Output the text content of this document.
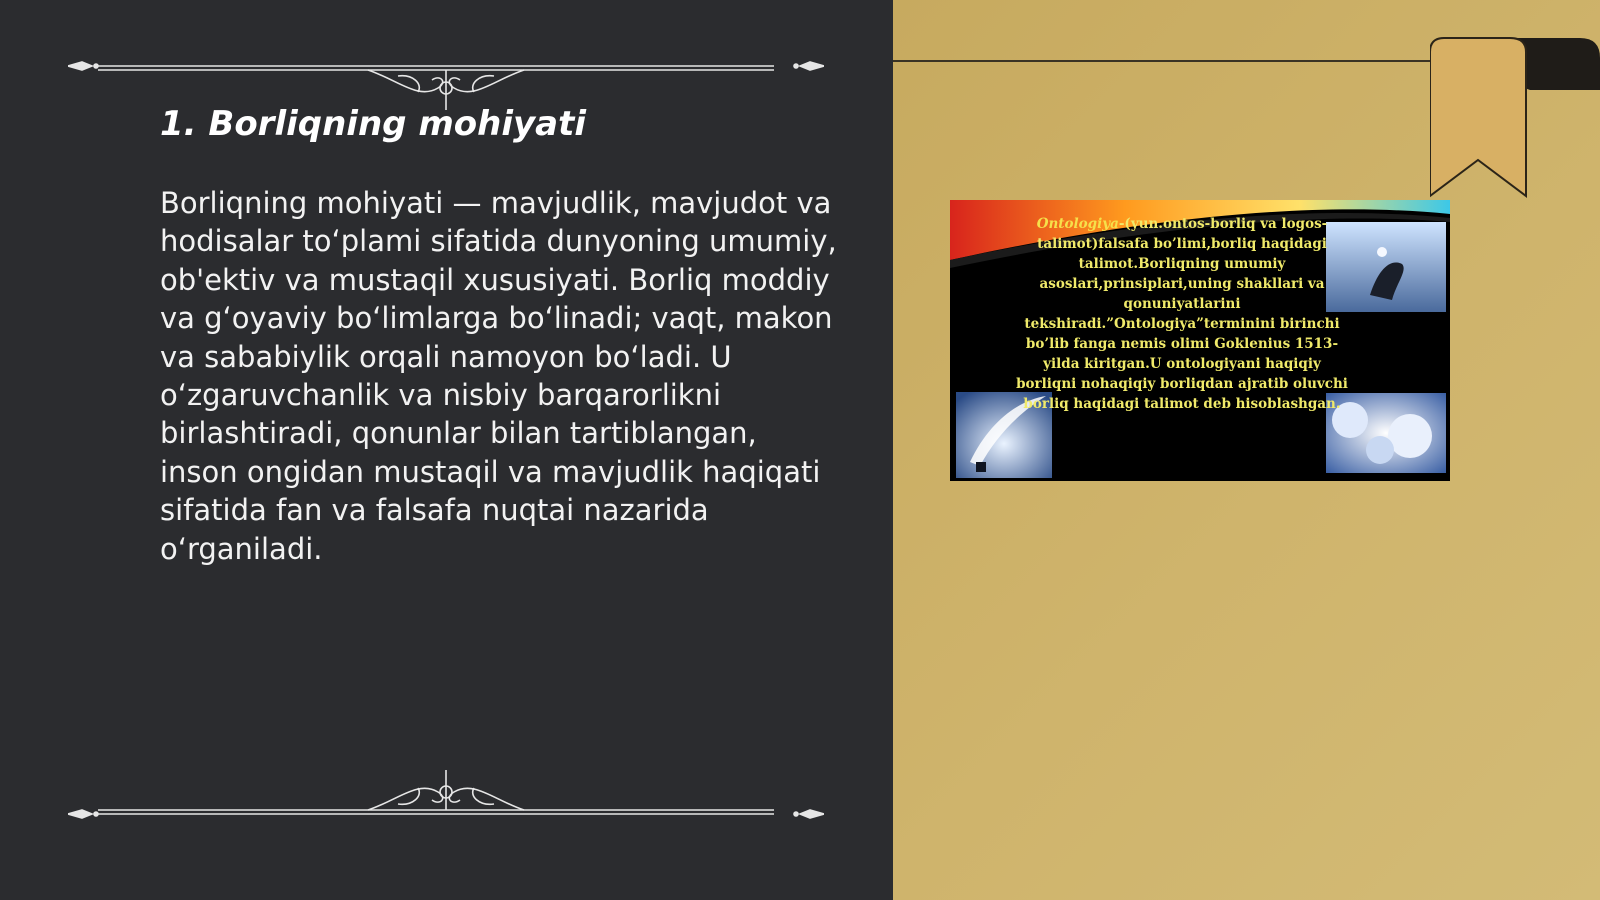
1. Borliqning mohiyati

Borliqning mohiyati — mavjudlik, mavjudot va hodisalar to‘plami sifatida dunyoning umumiy, ob'ektiv va mustaqil xususiyati. Borliq moddiy va g‘oyaviy bo‘limlarga bo‘linadi; vaqt, makon va sababiylik orqali namoyon bo‘ladi. U o‘zgaruvchanlik va nisbiy barqarorlikni birlashtiradi, qonunlar bilan tartiblangan, inson ongidan mustaqil va mavjudlik haqiqati sifatida fan va falsafa nuqtai nazarida o‘rganiladi.

Ontologiya-(yun.ontos-borliq va logos-talimot)falsafa bo’limi,borliq haqidagi talimot.Borliqning umumiy asoslari,prinsiplari,uning shakllari va qonuniyatlarini tekshiradi.”Ontologiya”terminini birinchi bo’lib fanga nemis olimi Goklenius 1513-yilda kiritgan.U ontologiyani haqiqiy borliqni nohaqiqiy borliqdan ajratib oluvchi borliq haqidagi talimot deb hisoblashgan.
